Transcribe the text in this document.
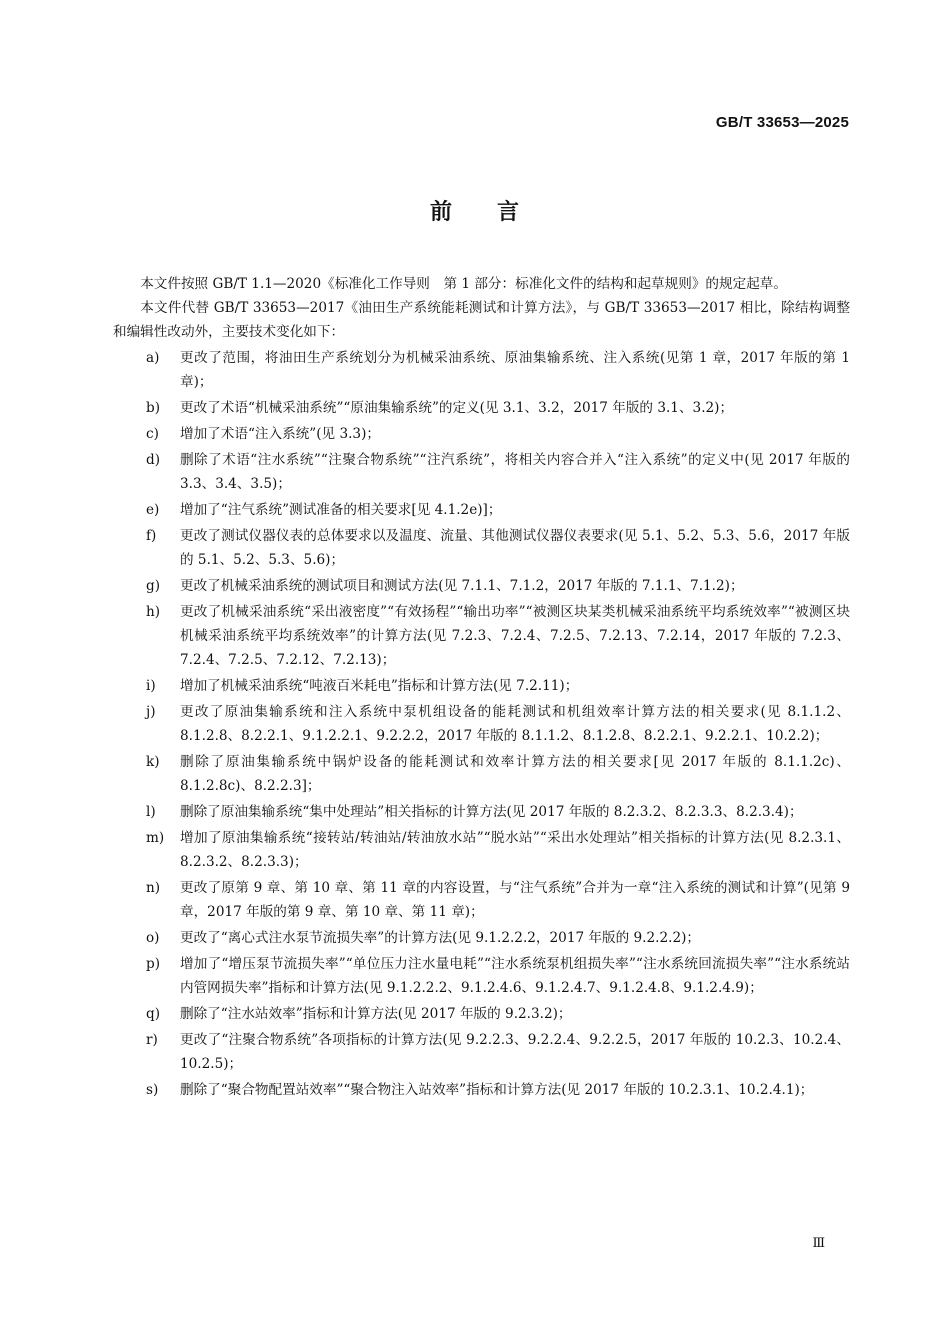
GB/T 33653—2025
前 言

本文件按照 GB/T 1.1—2020《标准化工作导则　第 1 部分：标准化文件的结构和起草规则》的规定起草。

本文件代替 GB/T 33653—2017《油田生产系统能耗测试和计算方法》，与 GB/T 33653—2017 相比，除结构调整和编辑性改动外，主要技术变化如下：

a)	更改了范围，将油田生产系统划分为机械采油系统、原油集输系统、注入系统(见第 1 章，2017 年版的第 1 章)；
b)	更改了术语“机械采油系统”“原油集输系统”的定义(见 3.1、3.2，2017 年版的 3.1、3.2)；
c)	增加了术语“注入系统”(见 3.3)；
d)	删除了术语“注水系统”“注聚合物系统”“注汽系统”，将相关内容合并入“注入系统”的定义中(见 2017 年版的 3.3、3.4、3.5)；
e)	增加了“注气系统”测试准备的相关要求[见 4.1.2e)]；
f)	更改了测试仪器仪表的总体要求以及温度、流量、其他测试仪器仪表要求(见 5.1、5.2、5.3、5.6，2017 年版的 5.1、5.2、5.3、5.6)；
g)	更改了机械采油系统的测试项目和测试方法(见 7.1.1、7.1.2，2017 年版的 7.1.1、7.1.2)；
h)	更改了机械采油系统“采出液密度”“有效扬程”“输出功率”“被测区块某类机械采油系统平均系统效率”“被测区块机械采油系统平均系统效率”的计算方法(见 7.2.3、7.2.4、7.2.5、7.2.13、7.2.14，2017 年版的 7.2.3、7.2.4、7.2.5、7.2.12、7.2.13)；
i)	增加了机械采油系统“吨液百米耗电”指标和计算方法(见 7.2.11)；
j)	更改了原油集输系统和注入系统中泵机组设备的能耗测试和机组效率计算方法的相关要求(见 8.1.1.2、8.1.2.8、8.2.2.1、9.1.2.2.1、9.2.2.2，2017 年版的 8.1.1.2、8.1.2.8、8.2.2.1、9.2.2.1、10.2.2)；
k)	删除了原油集输系统中锅炉设备的能耗测试和效率计算方法的相关要求[见 2017 年版的 8.1.1.2c)、8.1.2.8c)、8.2.2.3]；
l)	删除了原油集输系统“集中处理站”相关指标的计算方法(见 2017 年版的 8.2.3.2、8.2.3.3、8.2.3.4)；
m)	增加了原油集输系统“接转站/转油站/转油放水站”“脱水站”“采出水处理站”相关指标的计算方法(见 8.2.3.1、8.2.3.2、8.2.3.3)；
n)	更改了原第 9 章、第 10 章、第 11 章的内容设置，与“注气系统”合并为一章“注入系统的测试和计算”(见第 9 章，2017 年版的第 9 章、第 10 章、第 11 章)；
o)	更改了“离心式注水泵节流损失率”的计算方法(见 9.1.2.2.2，2017 年版的 9.2.2.2)；
p)	增加了“增压泵节流损失率”“单位压力注水量电耗”“注水系统泵机组损失率”“注水系统回流损失率”“注水系统站内管网损失率”指标和计算方法(见 9.1.2.2.2、9.1.2.4.6、9.1.2.4.7、9.1.2.4.8、9.1.2.4.9)；
q)	删除了“注水站效率”指标和计算方法(见 2017 年版的 9.2.3.2)；
r)	更改了“注聚合物系统”各项指标的计算方法(见 9.2.2.3、9.2.2.4、9.2.2.5，2017 年版的 10.2.3、10.2.4、10.2.5)；
s)	删除了“聚合物配置站效率”“聚合物注入站效率”指标和计算方法(见 2017 年版的 10.2.3.1、10.2.4.1)；
Ⅲ
